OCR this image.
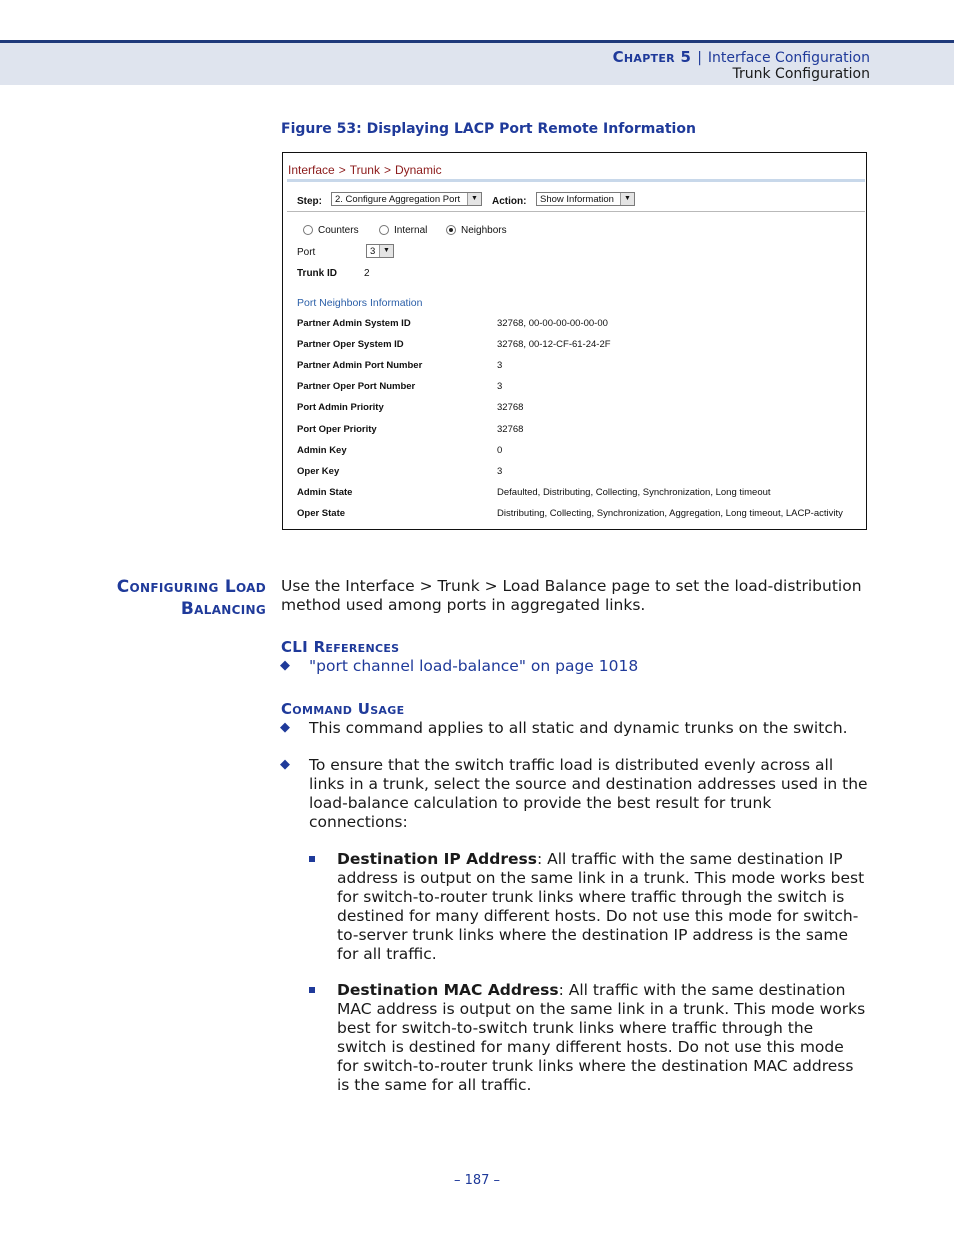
Chapter 5 | Interface Configuration
Trunk Configuration
Figure 53: Displaying LACP Port Remote Information
Interface > Trunk > Dynamic
Step:	2. Configure Aggregation Port	▼	Action:	Show Information	▼
Counters	Internal	Neighbors
Port	3	▼
Trunk ID	2
Port Neighbors Information
Partner Admin System ID	32768, 00-00-00-00-00-00
Partner Oper System ID	32768, 00-12-CF-61-24-2F
Partner Admin Port Number	3
Partner Oper Port Number	3
Port Admin Priority	32768
Port Oper Priority	32768
Admin Key	0
Oper Key	3
Admin State	Defaulted, Distributing, Collecting, Synchronization, Long timeout
Oper State	Distributing, Collecting, Synchronization, Aggregation, Long timeout, LACP-activity
Configuring Load
Balancing
Use the Interface > Trunk > Load Balance page to set the load-distribution
method used among ports in aggregated links.
CLI References
◆ "port channel load-balance" on page 1018
Command Usage
◆ This command applies to all static and dynamic trunks on the switch.
◆ To ensure that the switch traffic load is distributed evenly across all
links in a trunk, select the source and destination addresses used in the
load-balance calculation to provide the best result for trunk
connections:
Destination IP Address: All traffic with the same destination IP
address is output on the same link in a trunk. This mode works best
for switch-to-router trunk links where traffic through the switch is
destined for many different hosts. Do not use this mode for switch-
to-server trunk links where the destination IP address is the same
for all traffic.
Destination MAC Address: All traffic with the same destination
MAC address is output on the same link in a trunk. This mode works
best for switch-to-switch trunk links where traffic through the
switch is destined for many different hosts. Do not use this mode
for switch-to-router trunk links where the destination MAC address
is the same for all traffic.
– 187 –
